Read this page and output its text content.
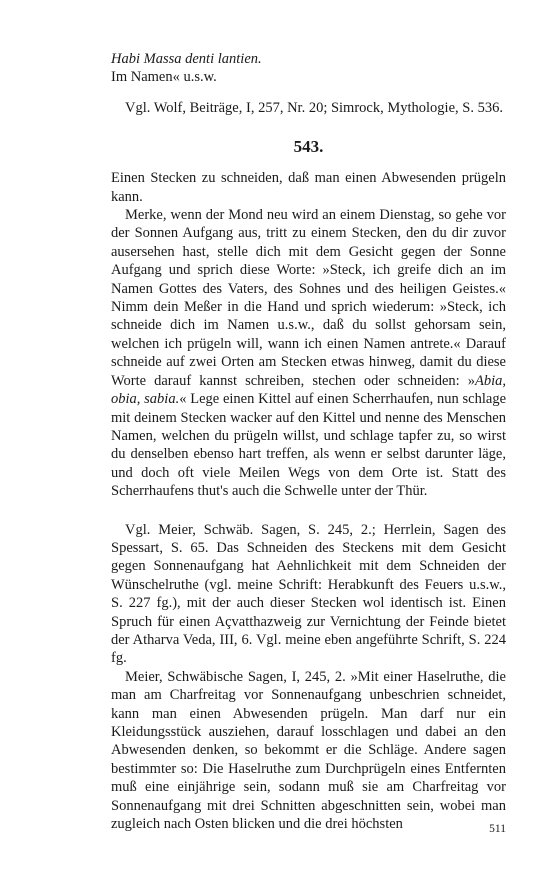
Habi Massa denti lantien.
Im Namen« u.s.w.

Vgl. Wolf, Beiträge, I, 257, Nr. 20; Simrock, Mythologie, S. 536.

543.

Einen Stecken zu schneiden, daß man einen Abwesenden prügeln kann.

Merke, wenn der Mond neu wird an einem Dienstag, so gehe vor der Sonnen Aufgang aus, tritt zu einem Stecken, den du dir zuvor ausersehen hast, stelle dich mit dem Gesicht gegen der Sonne Aufgang und sprich diese Worte: »Steck, ich greife dich an im Namen Gottes des Vaters, des Sohnes und des heiligen Geistes.« Nimm dein Meßer in die Hand und sprich wiederum: »Steck, ich schneide dich im Namen u.s.w., daß du sollst gehorsam sein, welchen ich prügeln will, wann ich einen Namen antrete.« Darauf schneide auf zwei Orten am Stecken etwas hinweg, damit du diese Worte darauf kannst schreiben, stechen oder schneiden: »Abia, obia, sabia.« Lege einen Kittel auf einen Scherrhaufen, nun schlage mit deinem Stecken wacker auf den Kittel und nenne des Menschen Namen, welchen du prügeln willst, und schlage tapfer zu, so wirst du denselben ebenso hart treffen, als wenn er selbst darunter läge, und doch oft viele Meilen Wegs von dem Orte ist. Statt des Scherrhaufens thut's auch die Schwelle unter der Thür.

Vgl. Meier, Schwäb. Sagen, S. 245, 2.; Herrlein, Sagen des Spessart, S. 65. Das Schneiden des Steckens mit dem Gesicht gegen Sonnenaufgang hat Aehnlichkeit mit dem Schneiden der Wünschelruthe (vgl. meine Schrift: Herabkunft des Feuers u.s.w., S. 227 fg.), mit der auch dieser Stecken wol identisch ist. Einen Spruch für einen Açvatthazweig zur Vernichtung der Feinde bietet der Atharva Veda, III, 6. Vgl. meine eben angeführte Schrift, S. 224 fg.

Meier, Schwäbische Sagen, I, 245, 2. »Mit einer Haselruthe, die man am Charfreitag vor Sonnenaufgang unbeschrien schneidet, kann man einen Abwesenden prügeln. Man darf nur ein Kleidungsstück ausziehen, darauf losschlagen und dabei an den Abwesenden denken, so bekommt er die Schläge. Andere sagen bestimmter so: Die Haselruthe zum Durchprügeln eines Entfernten muß eine einjährige sein, sodann muß sie am Charfreitag vor Sonnenaufgang mit drei Schnitten abgeschnitten sein, wobei man zugleich nach Osten blicken und die drei höchsten	511
